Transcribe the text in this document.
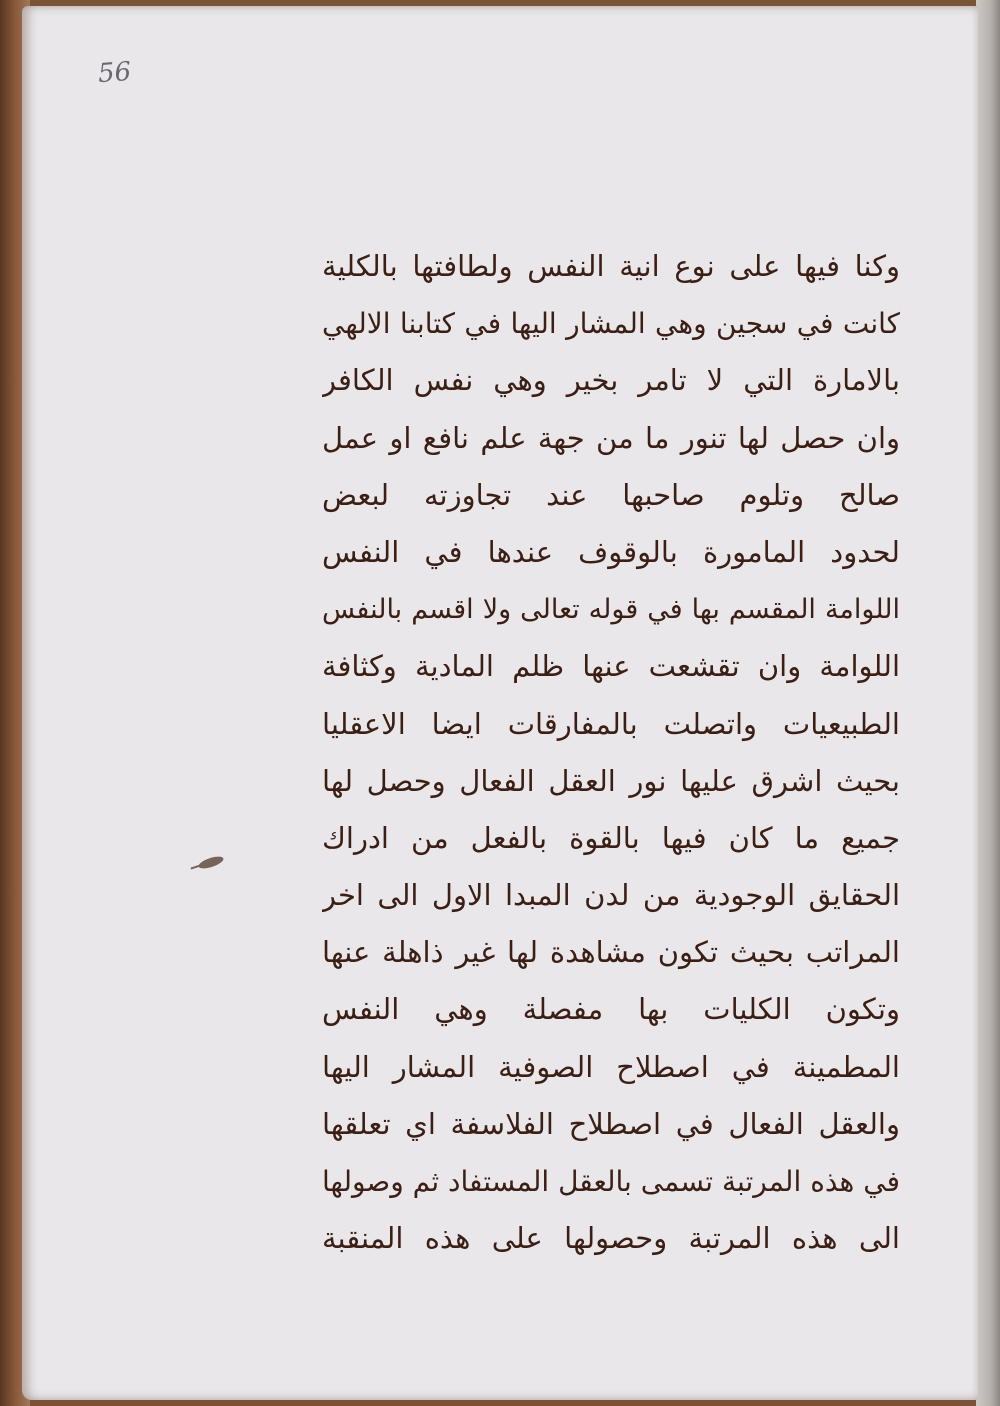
56
وكنا فيها على نوع انية النفس ولطافتها بالكلية
كانت في سجين وهي المشار اليها في كتابنا الالهي
بالامارة التي لا تامر بخير وهي نفس الكافر
وان حصل لها تنور ما من جهة علم نافع او عمل
صالح وتلوم صاحبها عند تجاوزته لبعض
لحدود المامورة بالوقوف عندها في النفس
اللوامة المقسم بها في قوله تعالى ولا اقسم بالنفس
اللوامة وان تقشعت عنها ظلم المادية وكثافة
الطبيعيات واتصلت بالمفارقات ايضا الاعقليا
بحيث اشرق عليها نور العقل الفعال وحصل لها
جميع ما كان فيها بالقوة بالفعل من ادراك
الحقايق الوجودية من لدن المبدا الاول الى اخر
المراتب بحيث تكون مشاهدة لها غير ذاهلة عنها
وتكون الكليات بها مفصلة وهي النفس
المطمينة في اصطلاح الصوفية المشار اليها
والعقل الفعال في اصطلاح الفلاسفة اي تعلقها
في هذه المرتبة تسمى بالعقل المستفاد ثم وصولها
الى هذه المرتبة وحصولها على هذه المنقبة
